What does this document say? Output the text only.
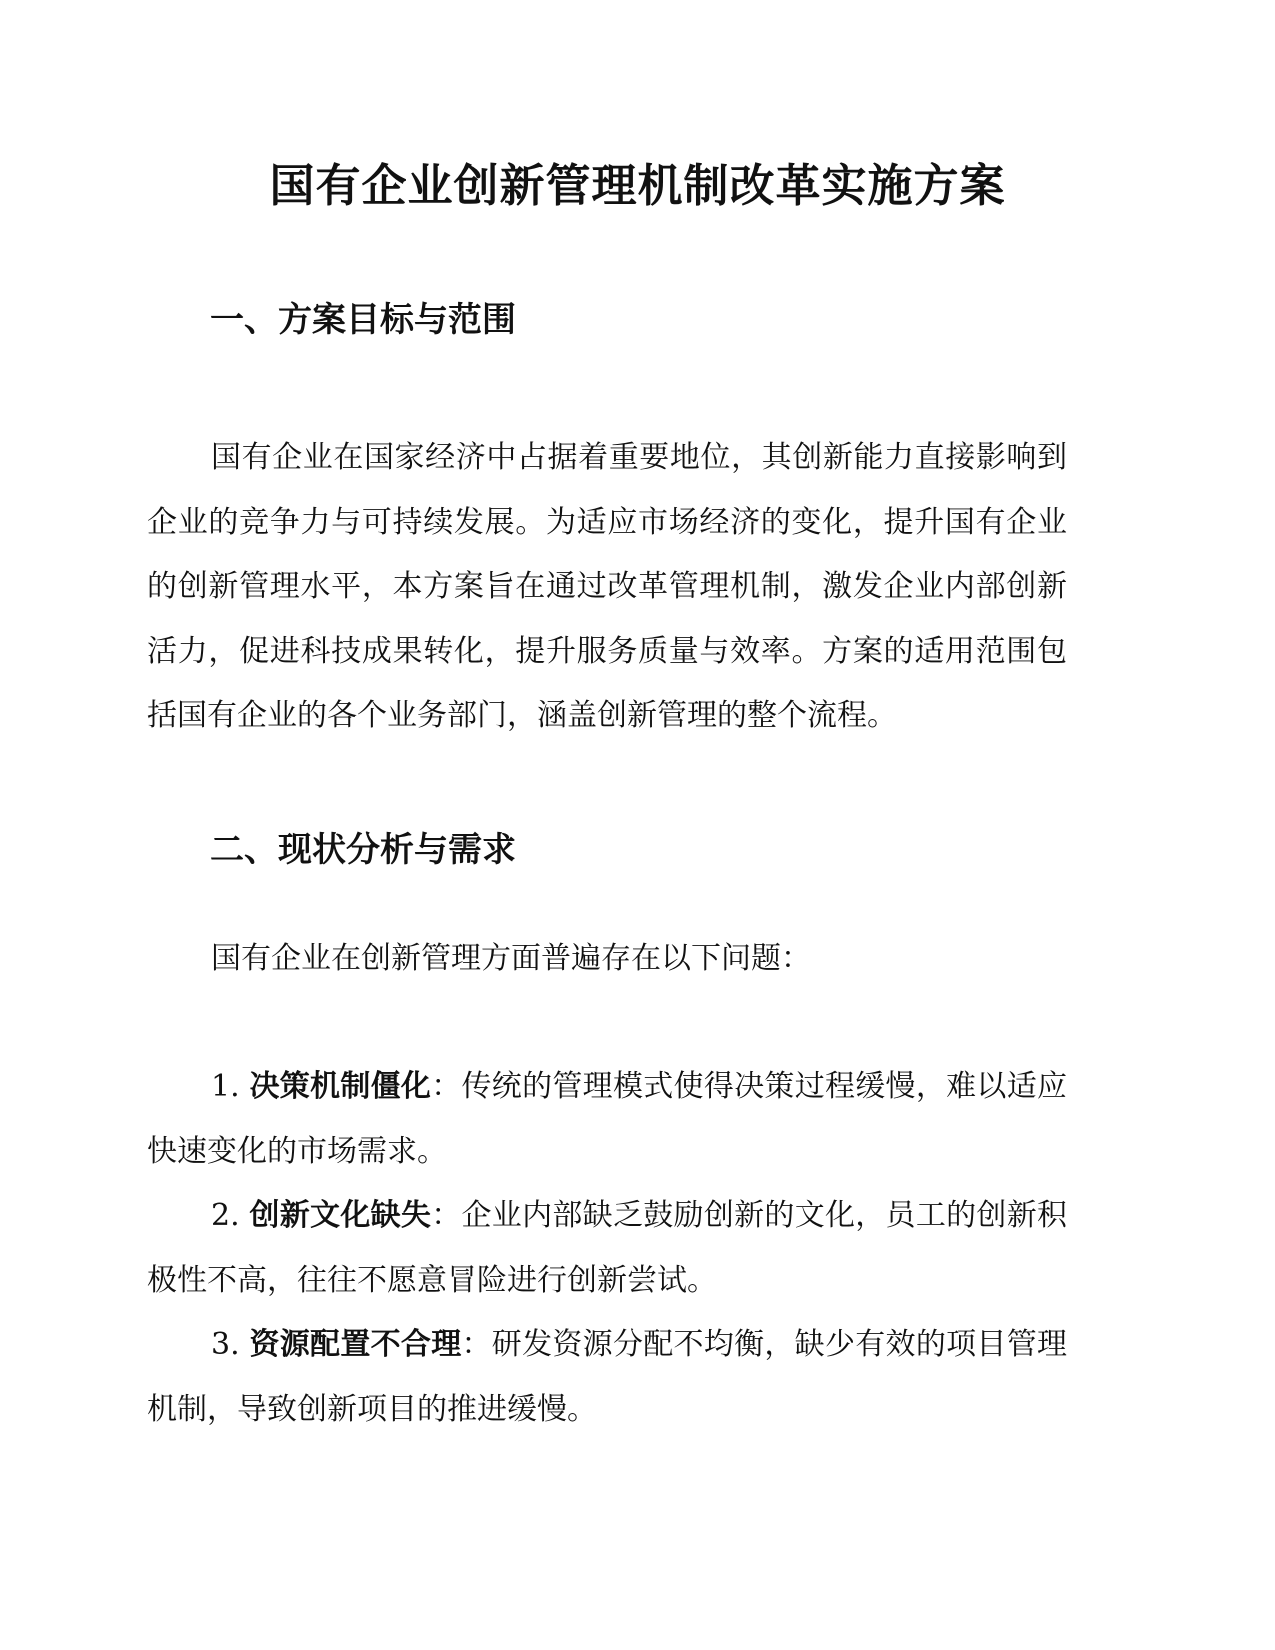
国有企业创新管理机制改革实施方案
一、方案目标与范围

国有企业在国家经济中占据着重要地位，其创新能力直接影响到企业的竞争力与可持续发展。为适应市场经济的变化，提升国有企业的创新管理水平，本方案旨在通过改革管理机制，激发企业内部创新活力，促进科技成果转化，提升服务质量与效率。方案的适用范围包括国有企业的各个业务部门，涵盖创新管理的整个流程。

二、现状分析与需求

国有企业在创新管理方面普遍存在以下问题：

1. 决策机制僵化：传统的管理模式使得决策过程缓慢，难以适应快速变化的市场需求。

2. 创新文化缺失：企业内部缺乏鼓励创新的文化，员工的创新积极性不高，往往不愿意冒险进行创新尝试。

3. 资源配置不合理：研发资源分配不均衡，缺少有效的项目管理机制，导致创新项目的推进缓慢。
